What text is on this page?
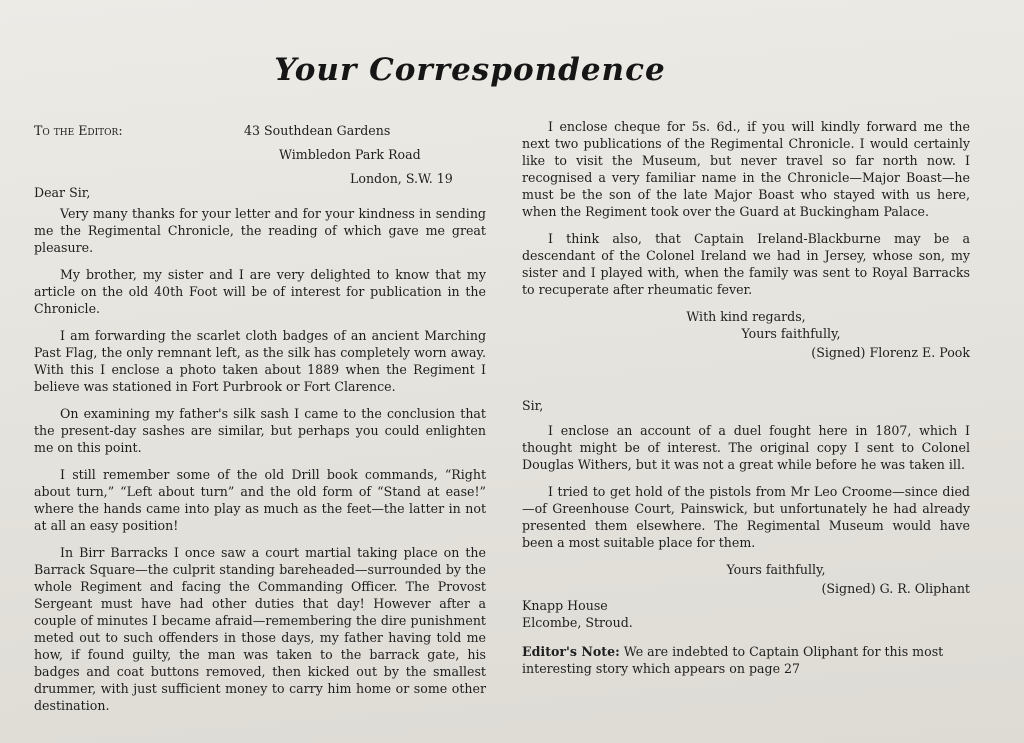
Your Correspondence
To the Editor:	43 Southdean Gardens
Wimbledon Park Road
London, S.W. 19

Dear Sir,

Very many thanks for your letter and for your kindness in sending me the Regimental Chronicle, the reading of which gave me great pleasure.

My brother, my sister and I are very delighted to know that my article on the old 40th Foot will be of interest for publication in the Chronicle.

I am forwarding the scarlet cloth badges of an ancient Marching Past Flag, the only remnant left, as the silk has completely worn away. With this I enclose a photo taken about 1889 when the Regiment I believe was stationed in Fort Purbrook or Fort Clarence.

On examining my father's silk sash I came to the conclusion that the present-day sashes are similar, but perhaps you could enlighten me on this point.

I still remember some of the old Drill book commands, “Right about turn,” “Left about turn” and the old form of “Stand at ease!” where the hands came into play as much as the feet—the latter in not at all an easy position!

In Birr Barracks I once saw a court martial taking place on the Barrack Square—the culprit standing bareheaded—surrounded by the whole Regiment and facing the Commanding Officer. The Provost Sergeant must have had other duties that day! However after a couple of minutes I became afraid—remembering the dire punishment meted out to such offenders in those days, my father having told me how, if found guilty, the man was taken to the barrack gate, his badges and coat buttons removed, then kicked out by the smallest drummer, with just sufficient money to carry him home or some other destination.

I enclose cheque for 5s. 6d., if you will kindly forward me the next two publications of the Regimental Chronicle. I would certainly like to visit the Museum, but never travel so far north now. I recognised a very familiar name in the Chronicle—Major Boast—he must be the son of the late Major Boast who stayed with us here, when the Regiment took over the Guard at Buckingham Palace.

I think also, that Captain Ireland-Blackburne may be a descendant of the Colonel Ireland we had in Jersey, whose son, my sister and I played with, when the family was sent to Royal Barracks to recuperate after rheumatic fever.

With kind regards,

Yours faithfully,

(Signed) Florenz E. Pook

Sir,

I enclose an account of a duel fought here in 1807, which I thought might be of interest. The original copy I sent to Colonel Douglas Withers, but it was not a great while before he was taken ill.

I tried to get hold of the pistols from Mr Leo Croome—since died—of Greenhouse Court, Painswick, but unfortunately he had already presented them elsewhere. The Regimental Museum would have been a most suitable place for them.

Yours faithfully,

(Signed) G. R. Oliphant

Knapp House

Elcombe, Stroud.

Editor's Note: We are indebted to Captain Oliphant for this most interesting story which appears on page 27
